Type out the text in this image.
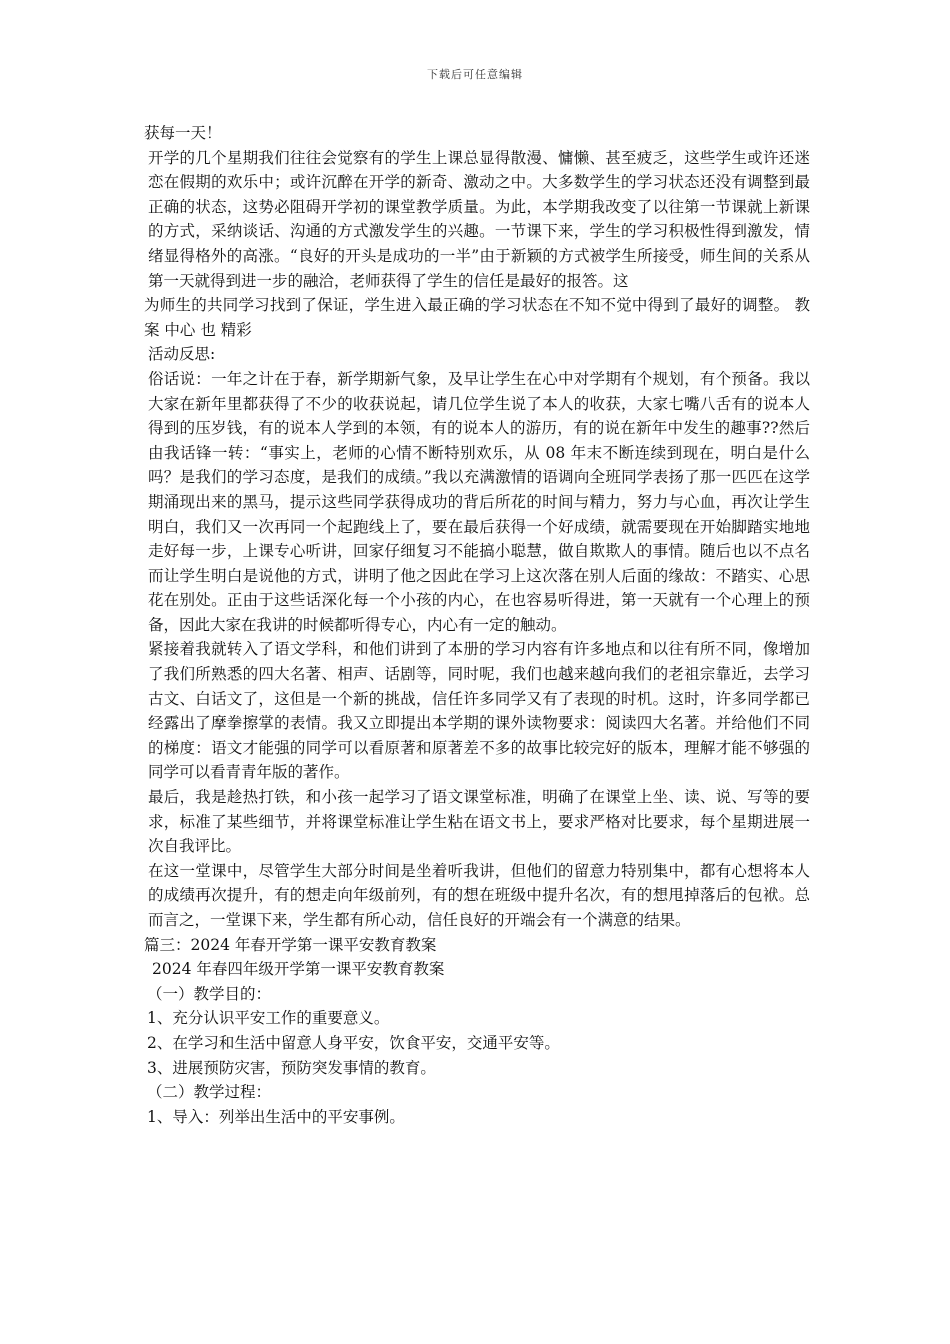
下载后可任意编辑

获每一天！

开学的几个星期我们往往会觉察有的学生上课总显得散漫、慵懒、甚至疲乏，这些学生或许还迷恋在假期的欢乐中；或许沉醉在开学的新奇、激动之中。大多数学生的学习状态还没有调整到最正确的状态，这势必阻碍开学初的课堂教学质量。为此，本学期我改变了以往第一节课就上新课的方式，采纳谈话、沟通的方式激发学生的兴趣。一节课下来，学生的学习积极性得到激发，情绪显得格外的高涨。“良好的开头是成功的一半”由于新颖的方式被学生所接受，师生间的关系从第一天就得到进一步的融洽，老师获得了学生的信任是最好的报答。这

为师生的共同学习找到了保证，学生进入最正确的学习状态在不知不觉中得到了最好的调整。 教 案 中心 也 精彩

活动反思:

俗话说：一年之计在于春，新学期新气象，及早让学生在心中对学期有个规划，有个预备。我以大家在新年里都获得了不少的收获说起，请几位学生说了本人的收获，大家七嘴八舌有的说本人得到的压岁钱，有的说本人学到的本领，有的说本人的游历，有的说在新年中发生的趣事??然后由我话锋一转：“事实上，老师的心情不断特别欢乐，从 08 年末不断连续到现在，明白是什么吗？是我们的学习态度，是我们的成绩。”我以充满激情的语调向全班同学表扬了那一匹匹在这学期涌现出来的黑马，提示这些同学获得成功的背后所花的时间与精力，努力与心血，再次让学生明白，我们又一次再同一个起跑线上了，要在最后获得一个好成绩，就需要现在开始脚踏实地地走好每一步，上课专心听讲，回家仔细复习不能搞小聪慧，做自欺欺人的事情。随后也以不点名而让学生明白是说他的方式，讲明了他之因此在学习上这次落在别人后面的缘故：不踏实、心思花在别处。正由于这些话深化每一个小孩的内心，在也容易听得进，第一天就有一个心理上的预备，因此大家在我讲的时候都听得专心，内心有一定的触动。

紧接着我就转入了语文学科，和他们讲到了本册的学习内容有许多地点和以往有所不同，像增加了我们所熟悉的四大名著、相声、话剧等，同时呢，我们也越来越向我们的老祖宗靠近，去学习古文、白话文了，这但是一个新的挑战，信任许多同学又有了表现的时机。这时，许多同学都已经露出了摩拳擦掌的表情。我又立即提出本学期的课外读物要求：阅读四大名著。并给他们不同的梯度：语文才能强的同学可以看原著和原著差不多的故事比较完好的版本，理解才能不够强的同学可以看青青年版的著作。

最后，我是趁热打铁，和小孩一起学习了语文课堂标准，明确了在课堂上坐、读、说、写等的要求，标准了某些细节，并将课堂标准让学生粘在语文书上，要求严格对比要求，每个星期进展一次自我评比。

在这一堂课中，尽管学生大部分时间是坐着听我讲，但他们的留意力特别集中，都有心想将本人的成绩再次提升，有的想走向年级前列，有的想在班级中提升名次，有的想甩掉落后的包袱。总而言之，一堂课下来，学生都有所心动，信任良好的开端会有一个满意的结果。

篇三：2024 年春开学第一课平安教育教案

2024 年春四年级开学第一课平安教育教案

（一）教学目的：

1、充分认识平安工作的重要意义。

2、在学习和生活中留意人身平安，饮食平安，交通平安等。

3、进展预防灾害，预防突发事情的教育。

（二）教学过程：

1、导入：列举出生活中的平安事例。
